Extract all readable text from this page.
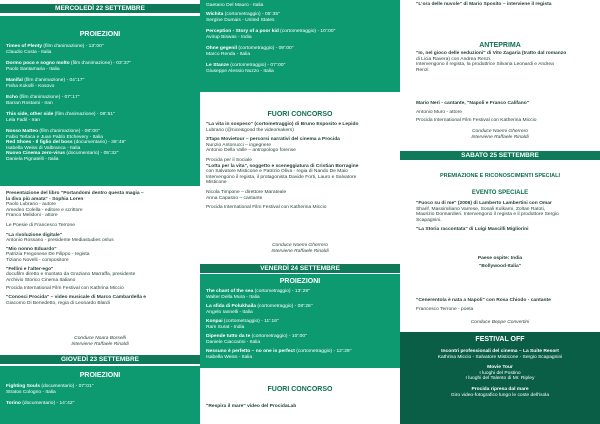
MERCOLEDÌ 22 SETTEMBRE
PROIEZIONI
Times of Plenty (film d'animazione) - 13':00''
Claudio Costa - Italia
Dormo poco e sogno molto (film d'animazione) - 03':37''
Paolo Santamaria - Italia
Manifal (film d'animazione) - 04':17''
Fisha Kokolli - Kosovo
Echo (film d'animazione) - 07':17''
Barran Rostami - Iran
This side, other side (film d'animazione) - 08':51''
Lela Fadil - Iran
Nosso Matteo (film d'animazione) - 08':00''
Fabio Terlaca e Juan Pablo Etchevery - Italia
Red Shoes - Il figlio del boss (documentario) - 36':46''
Isabella Weiss di Valbranca - Italia
Nuovo Cinema zero-virus (documentario) - 05':32''
Daniela Pignatelli - Italia
Presentazione del libro "Portandomi dentro questa magia –
la diva più amata" - Sophia Loren
Paolo Lubrano - autore
Amedeo Colella - editore e scrittore
Franco Melidoni - attore
Le Poesie di Francesco Terrone
"La rivoluzione digitale"
Antonio Rossano - presidente Mediastudies onlus
"Mio nonno Eduardo"
Patrizia Fregonese De Filippo - regista
Tiziano Novelli - compositore
"Fellini e l'alter-ego"
docufilm diretto e montato da Graziano Marraffa, presidente
Archivio Storico Cinema Italiano
Procida International Film Festival con Kathrina Miccio
"Conosci Procida" – video musicale di Marco Cambardella e
Giacomo Di Benedetto, regia di Leonardo Blardi
Conduce Noara Borselli
Interviene Raffaele Rinaldi
GIOVEDÌ 23 SETTEMBRE
PROIEZIONI
Fighting Souls (documentario) - 07':01''
Stratos Cologno - Italia
Torino (documentario) - 14':42''
Gaetano Del Mauro - Italia
Wichita (cortometraggio) - 05':35''
Sergine Dumais - United States
Perception - Story of a poor kid (cortometraggio) - 10':00''
Avirup Biswas - India
Ohne gegenil (cortometraggio) - 09':00''
Marco Renda - Italia
Le Stanze (cortometraggio) - 07':00''
Giuseppe Alessio Nuzzo - Italia
FUORI CONCORSO
"La vita in sospeso" (cortometraggio) di Bruno Esposito e Lepido
Lubrano (@nice&good the videomakers)
3Taps Movietour – percorsi narrativi del cinema a Procida
Nunzio Antonucci – ingegnere
Antonio Della Valle – antropologo forense
Procida per il Sociale
"Lotta per la vita", soggetto e sceneggiatura di Cristian Borragine
con Salvatore Misticone e Patrizio Oliva - regia di Nando De Maio
Intervengono il regista, il protagonista Davide Forti, Lauro e Salvatore
Misticone
Nicola Timpone – direttore Marateale
Anna Capasso – cantante
Procida International Film Festival con Katherina Miccio
Conduce Noemi Gherrero
Interviene Raffaele Rinaldi
VENERDÌ 24 SETTEMBRE
PROIEZIONI
The chant of the sea (cortometraggio) - 13':29''
Walter Della Mura - Italia
La sfida di Polukhaila (cortometraggio) - 08':26''
Angelo Iannelli - Italia
Konpai (cortometraggio) - 11':16''
Ram Surat - India
Dipende tutto da te (cortometraggio) - 10':00''
Daniele Ciaccarini - Italia
Nessuno è perfetto – no one is perfect (cortometraggio) - 12':29''
Isabella Weiss - Italia
FUORI CONCORSO
"Respira il mare" video del ProcidaLab
"L'ora delle nuvole" di Mario Sposito – interviene il regista
ANTEPRIMA
"Io, nel gioco delle seduzioni" di Vito Zagaria (tratto dal romanzo
di Licia Ravera) con Andrea Renzi.
Intervengono il regista, la produttrice Silvana Leonardi e Andrea
Renzi
Mario Neri - cantante, "Napoli e Franco Califano"
Antonio Muro - attore
Procida International Film Festival con Katherina Miccio
Conduce Noemi Gherrero
Interviene Raffaele Rinaldi
SABATO 25 SETTEMBRE
PREMIAZIONE E RICONOSCIMENTI SPECIALI
EVENTO SPECIALE
"Fuoco su di me" (2006) di Lamberto Lambertini con Omar
Sharif, Massimiliano Varrese, Sonali Kulkarni, Zoltan Ratoti,
Maurizio Donnardieri. Intervengono il regista e il produttore Sergio
Scapagnini.
"La Storia raccontata" di Luigi Mascilli Migliorini
Paese ospite: India
"Bollywood-Italia"
"Cenerentola è nata a Napoli" con Rosa Chiodo - cantante
Francesco Terrone - poeta
Conduce Beppe Convertini
FESTIVAL OFF
Incontri professionali del cinema – La Suite Resort
Kathrina Miccio - Salvatore Misticone - Sergio Scapagnini
Movie Tour
I luoghi del Postino
I luoghi del Talento di Mr. Ripley
Procida ripresa dal mare
Giro video-fotografico lungo le coste dell'isola
